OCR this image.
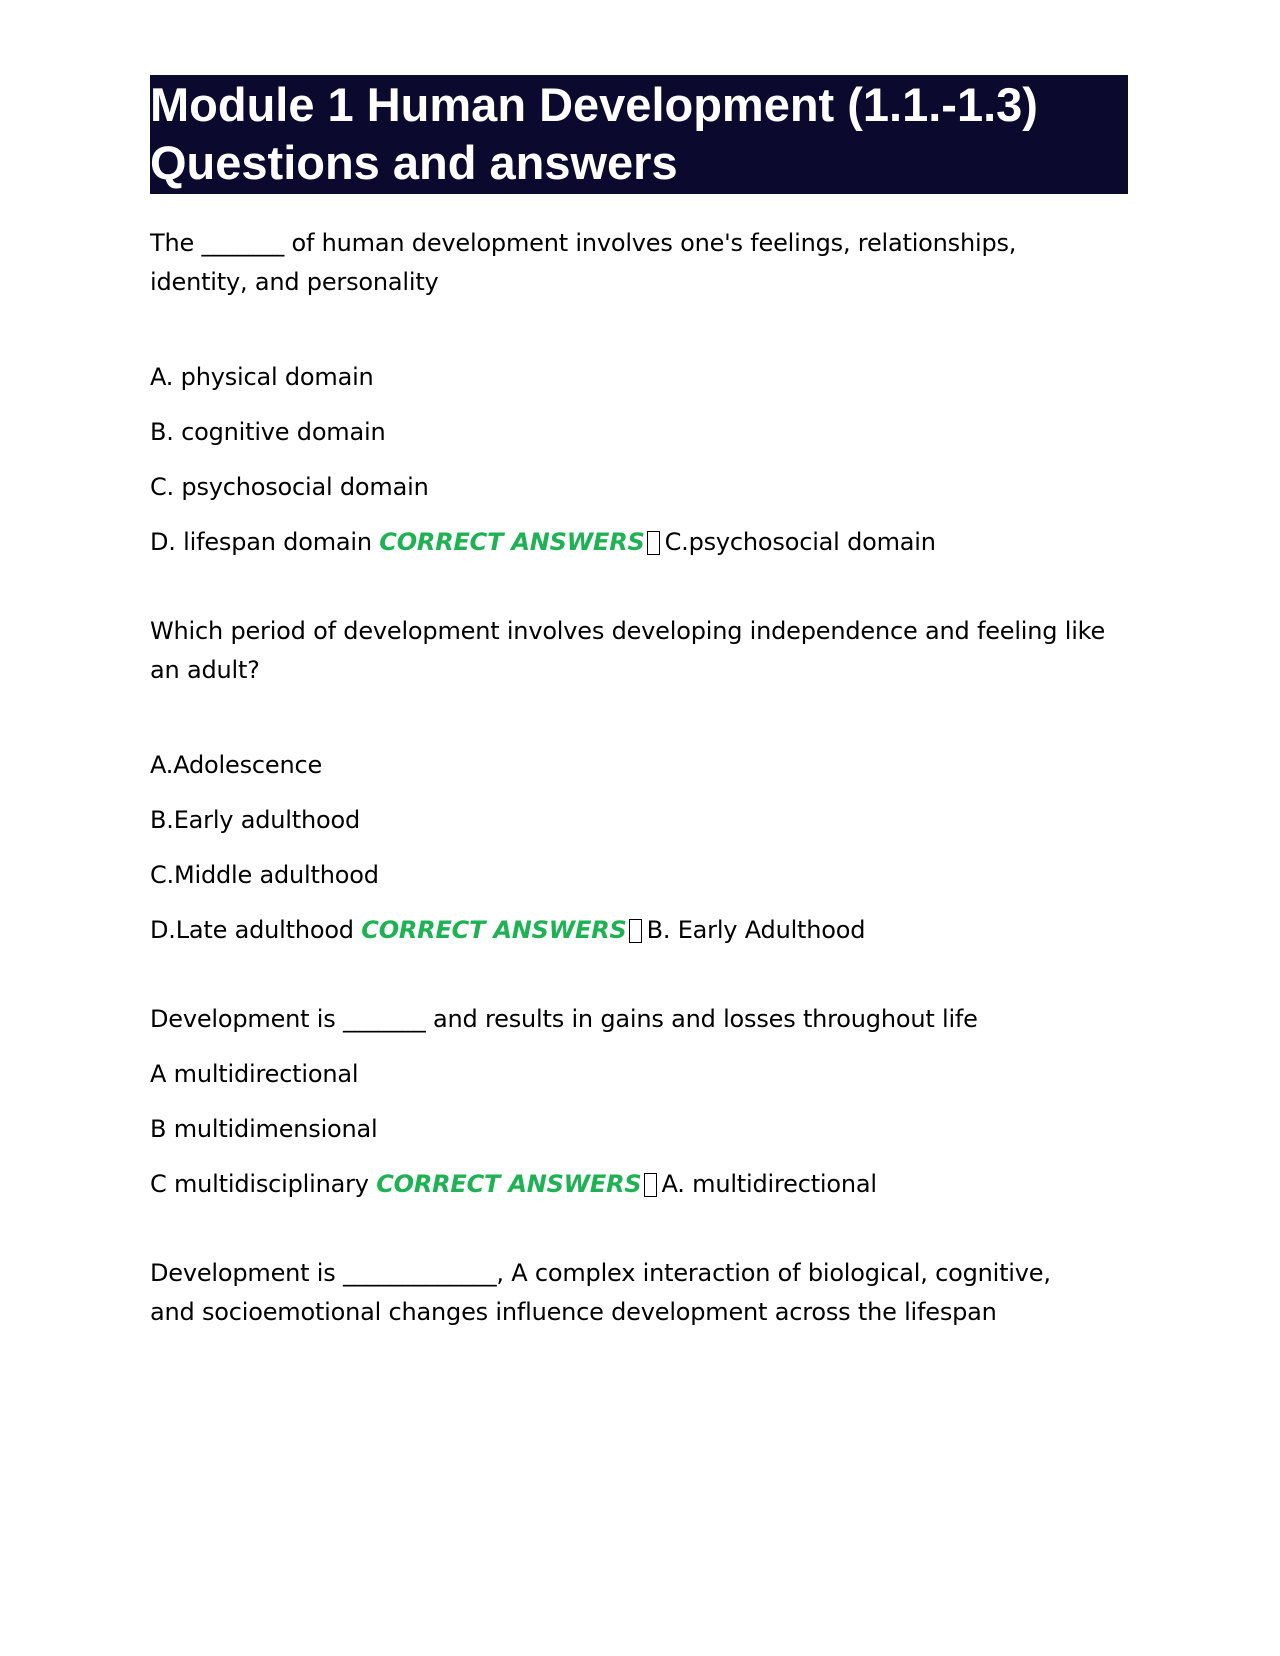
Module 1 Human Development (1.1.-1.3)
Questions and answers

The _______ of human development involves one's feelings, relationships,
identity, and personality

A. physical domain

B. cognitive domain

C. psychosocial domain

D. lifespan domain CORRECT ANSWERS C.psychosocial domain

Which period of development involves developing independence and feeling like
an adult?

A.Adolescence

B.Early adulthood

C.Middle adulthood

D.Late adulthood CORRECT ANSWERS B. Early Adulthood

Development is _______ and results in gains and losses throughout life

A multidirectional

B multidimensional

C multidisciplinary CORRECT ANSWERS A. multidirectional

Development is _____________, A complex interaction of biological, cognitive,
and socioemotional changes influence development across the lifespan
